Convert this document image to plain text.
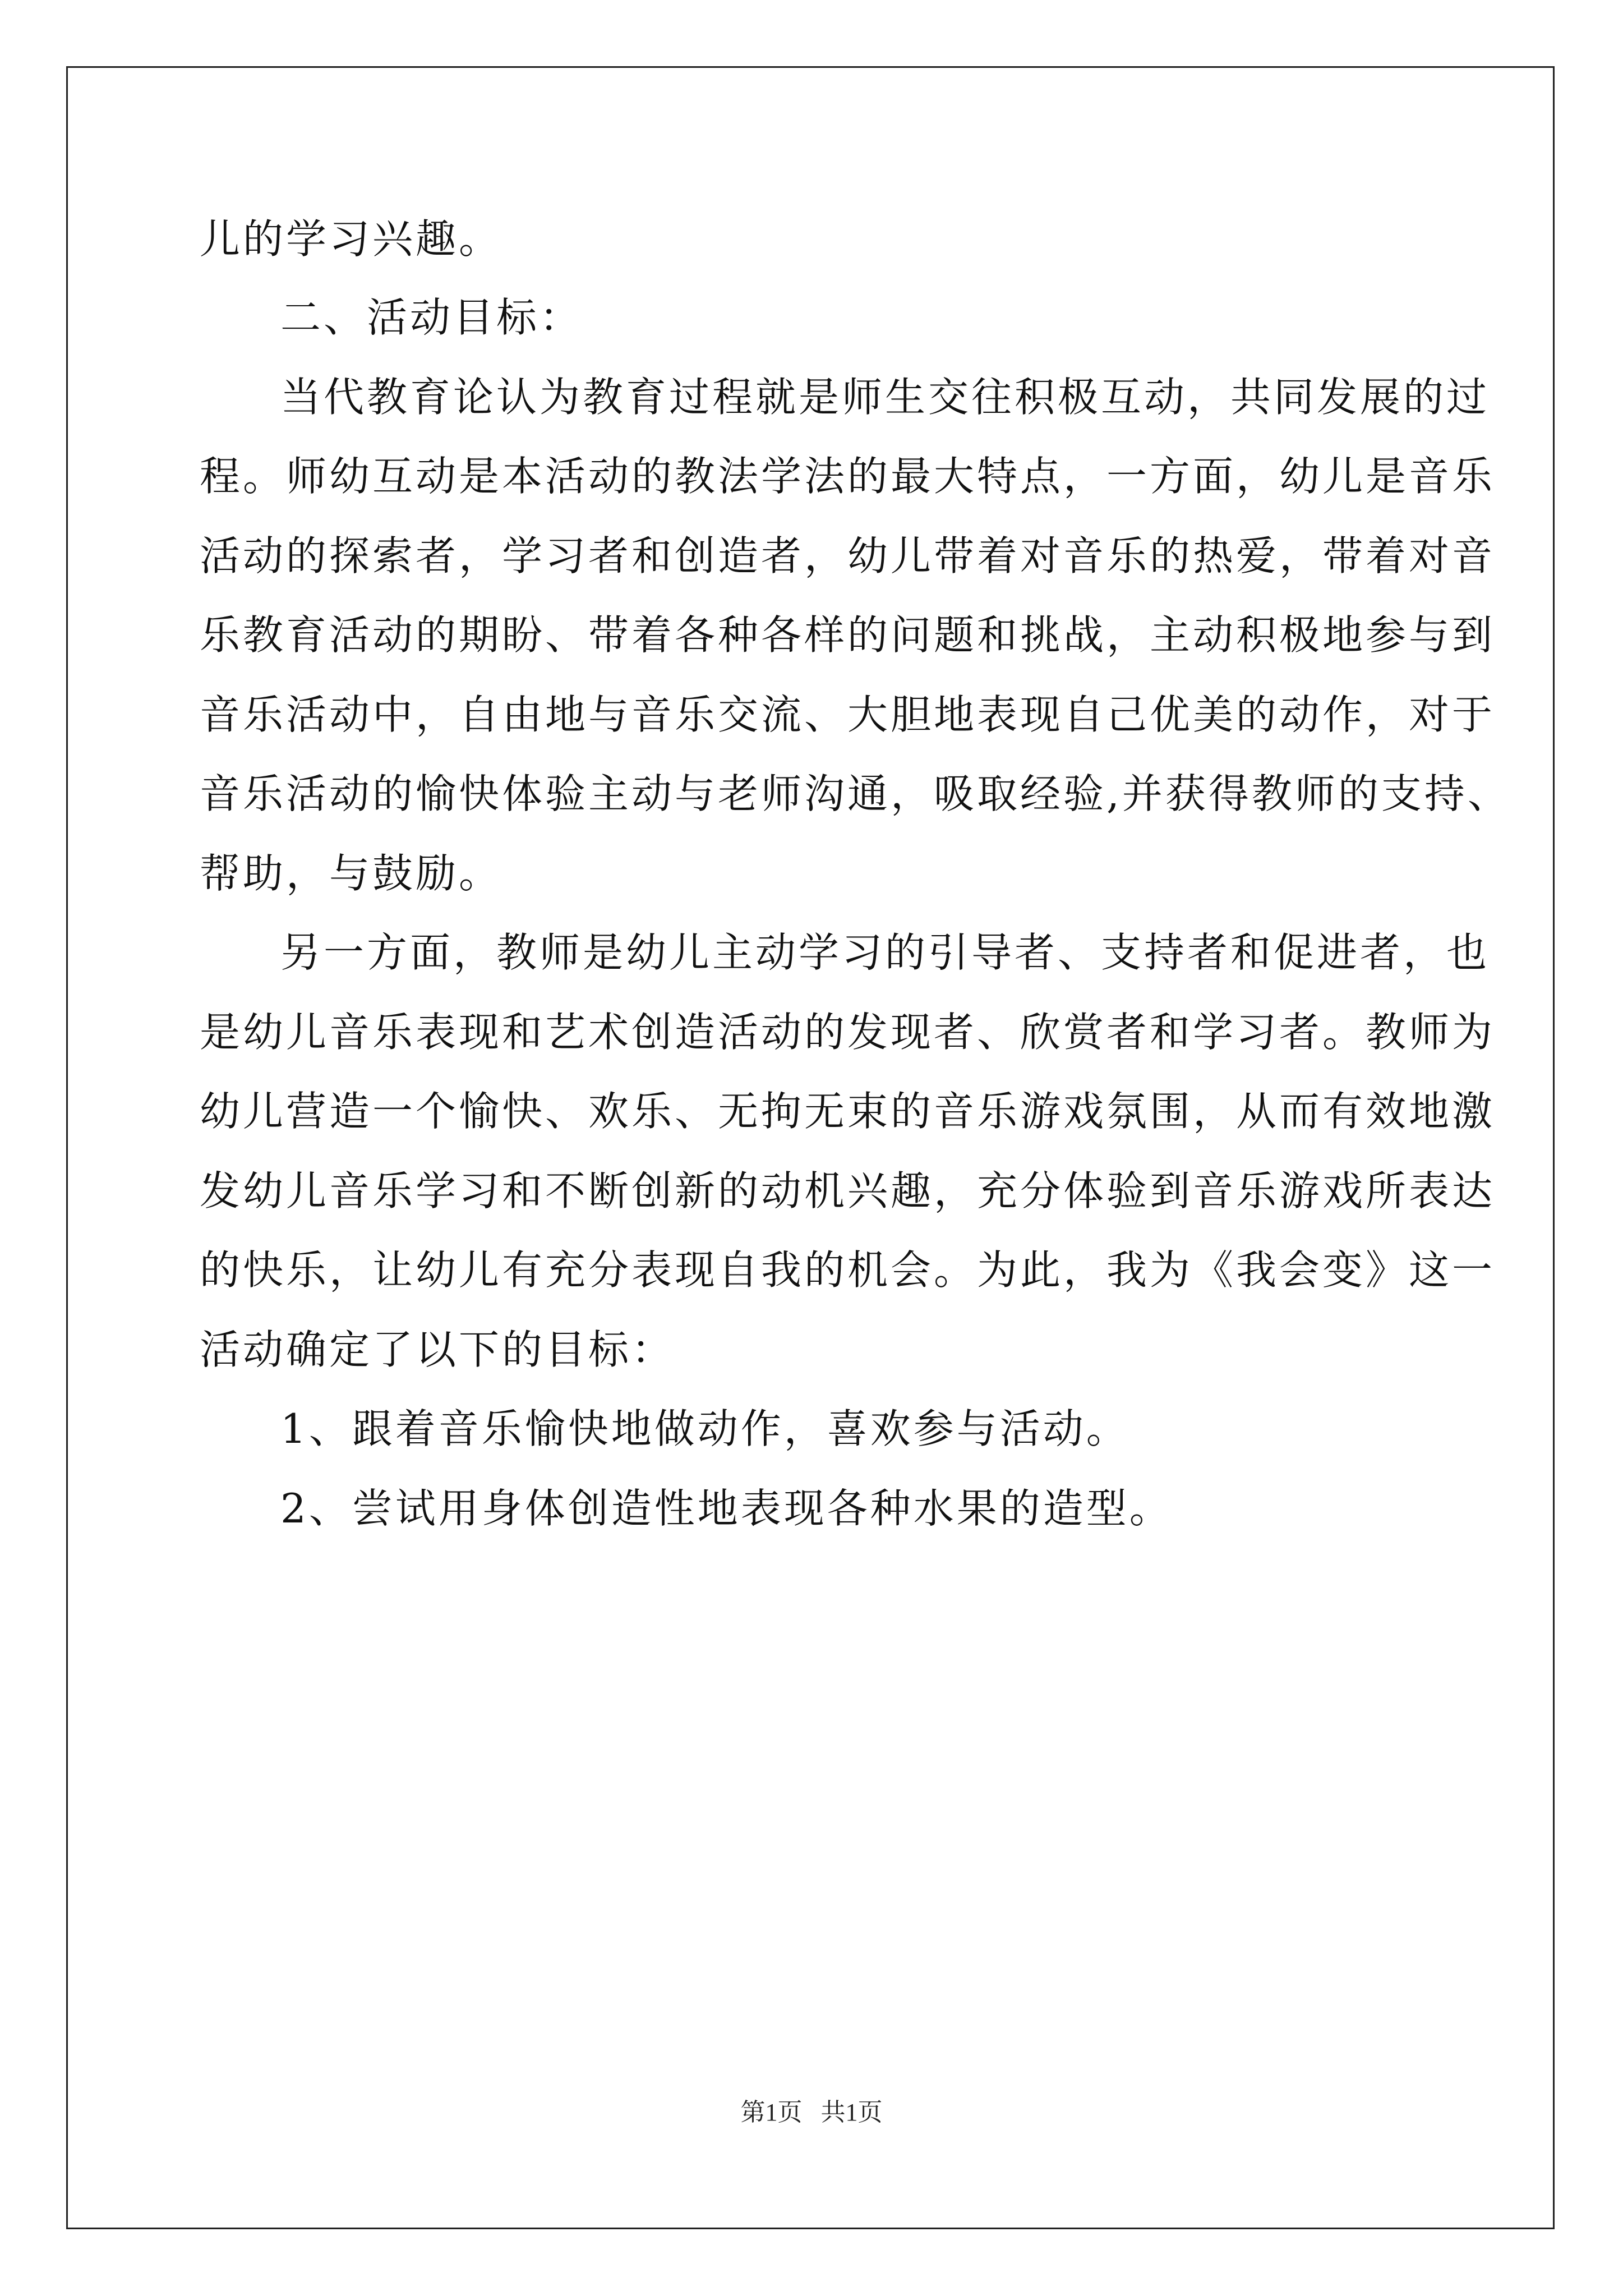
儿的学习兴趣。
二、活动目标：
当代教育论认为教育过程就是师生交往积极互动，共同发展的过
程。师幼互动是本活动的教法学法的最大特点，一方面，幼儿是音乐
活动的探索者，学习者和创造者，幼儿带着对音乐的热爱，带着对音
乐教育活动的期盼、带着各种各样的问题和挑战，主动积极地参与到
音乐活动中，自由地与音乐交流、大胆地表现自己优美的动作，对于
音乐活动的愉快体验主动与老师沟通，吸取经验,并获得教师的支持、
帮助，与鼓励。
另一方面，教师是幼儿主动学习的引导者、支持者和促进者，也
是幼儿音乐表现和艺术创造活动的发现者、欣赏者和学习者。教师为
幼儿营造一个愉快、欢乐、无拘无束的音乐游戏氛围，从而有效地激
发幼儿音乐学习和不断创新的动机兴趣，充分体验到音乐游戏所表达
的快乐，让幼儿有充分表现自我的机会。为此，我为《我会变》这一
活动确定了以下的目标：
1、跟着音乐愉快地做动作，喜欢参与活动。
2、尝试用身体创造性地表现各种水果的造型。
第1页   共1页
